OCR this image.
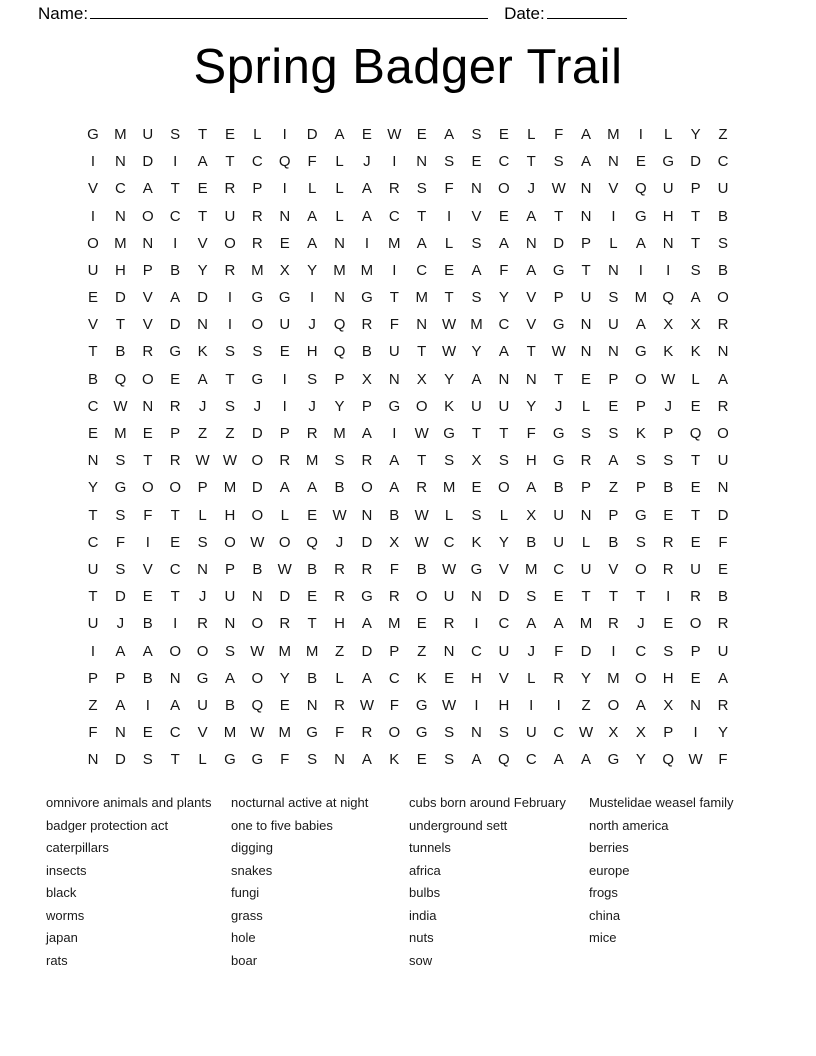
Name:	Date:
Spring Badger Trail
G	M	U	S	T	E	L	I	D	A	E	W	E	A	S	E	L	F	A	M	I	L	Y	Z
I	N	D	I	A	T	C	Q	F	L	J	I	N	S	E	C	T	S	A	N	E	G	D	C
V	C	A	T	E	R	P	I	L	L	A	R	S	F	N	O	J	W	N	V	Q	U	P	U
I	N	O	C	T	U	R	N	A	L	A	C	T	I	V	E	A	T	N	I	G	H	T	B
O	M	N	I	V	O	R	E	A	N	I	M	A	L	S	A	N	D	P	L	A	N	T	S
U	H	P	B	Y	R	M	X	Y	M	M	I	C	E	A	F	A	G	T	N	I	I	S	B
E	D	V	A	D	I	G	G	I	N	G	T	M	T	S	Y	V	P	U	S	M	Q	A	O
V	T	V	D	N	I	O	U	J	Q	R	F	N	W	M	C	V	G	N	U	A	X	X	R
T	B	R	G	K	S	S	E	H	Q	B	U	T	W	Y	A	T	W	N	N	G	K	K	N
B	Q	O	E	A	T	G	I	S	P	X	N	X	Y	A	N	N	T	E	P	O	W	L	A
C	W	N	R	J	S	J	I	J	Y	P	G	O	K	U	U	Y	J	L	E	P	J	E	R
E	M	E	P	Z	Z	D	P	R	M	A	I	W	G	T	T	F	G	S	S	K	P	Q	O
N	S	T	R	W	W	O	R	M	S	R	A	T	S	X	S	H	G	R	A	S	S	T	U
Y	G	O	O	P	M	D	A	A	B	O	A	R	M	E	O	A	B	P	Z	P	B	E	N
T	S	F	T	L	H	O	L	E	W	N	B	W	L	S	L	X	U	N	P	G	E	T	D
C	F	I	E	S	O	W	O	Q	J	D	X	W	C	K	Y	B	U	L	B	S	R	E	F
U	S	V	C	N	P	B	W	B	R	R	F	B	W	G	V	M	C	U	V	O	R	U	E
T	D	E	T	J	U	N	D	E	R	G	R	O	U	N	D	S	E	T	T	T	I	R	B
U	J	B	I	R	N	O	R	T	H	A	M	E	R	I	C	A	A	M	R	J	E	O	R
I	A	A	O	O	S	W	M	M	Z	D	P	Z	N	C	U	J	F	D	I	C	S	P	U
P	P	B	N	G	A	O	Y	B	L	A	C	K	E	H	V	L	R	Y	M	O	H	E	A
Z	A	I	A	U	B	Q	E	N	R	W	F	G	W	I	H	I	I	Z	O	A	X	N	R
F	N	E	C	V	M	W	M	G	F	R	O	G	S	N	S	U	C	W	X	X	P	I	Y
N	D	S	T	L	G	G	F	S	N	A	K	E	S	A	Q	C	A	A	G	Y	Q	W	F
omnivore animals and plants
badger protection act
caterpillars
insects
black
worms
japan
rats
nocturnal active at night
one to five babies
digging
snakes
fungi
grass
hole
boar
cubs born around February
underground sett
tunnels
africa
bulbs
india
nuts
sow
Mustelidae weasel family
north america
berries
europe
frogs
china
mice
